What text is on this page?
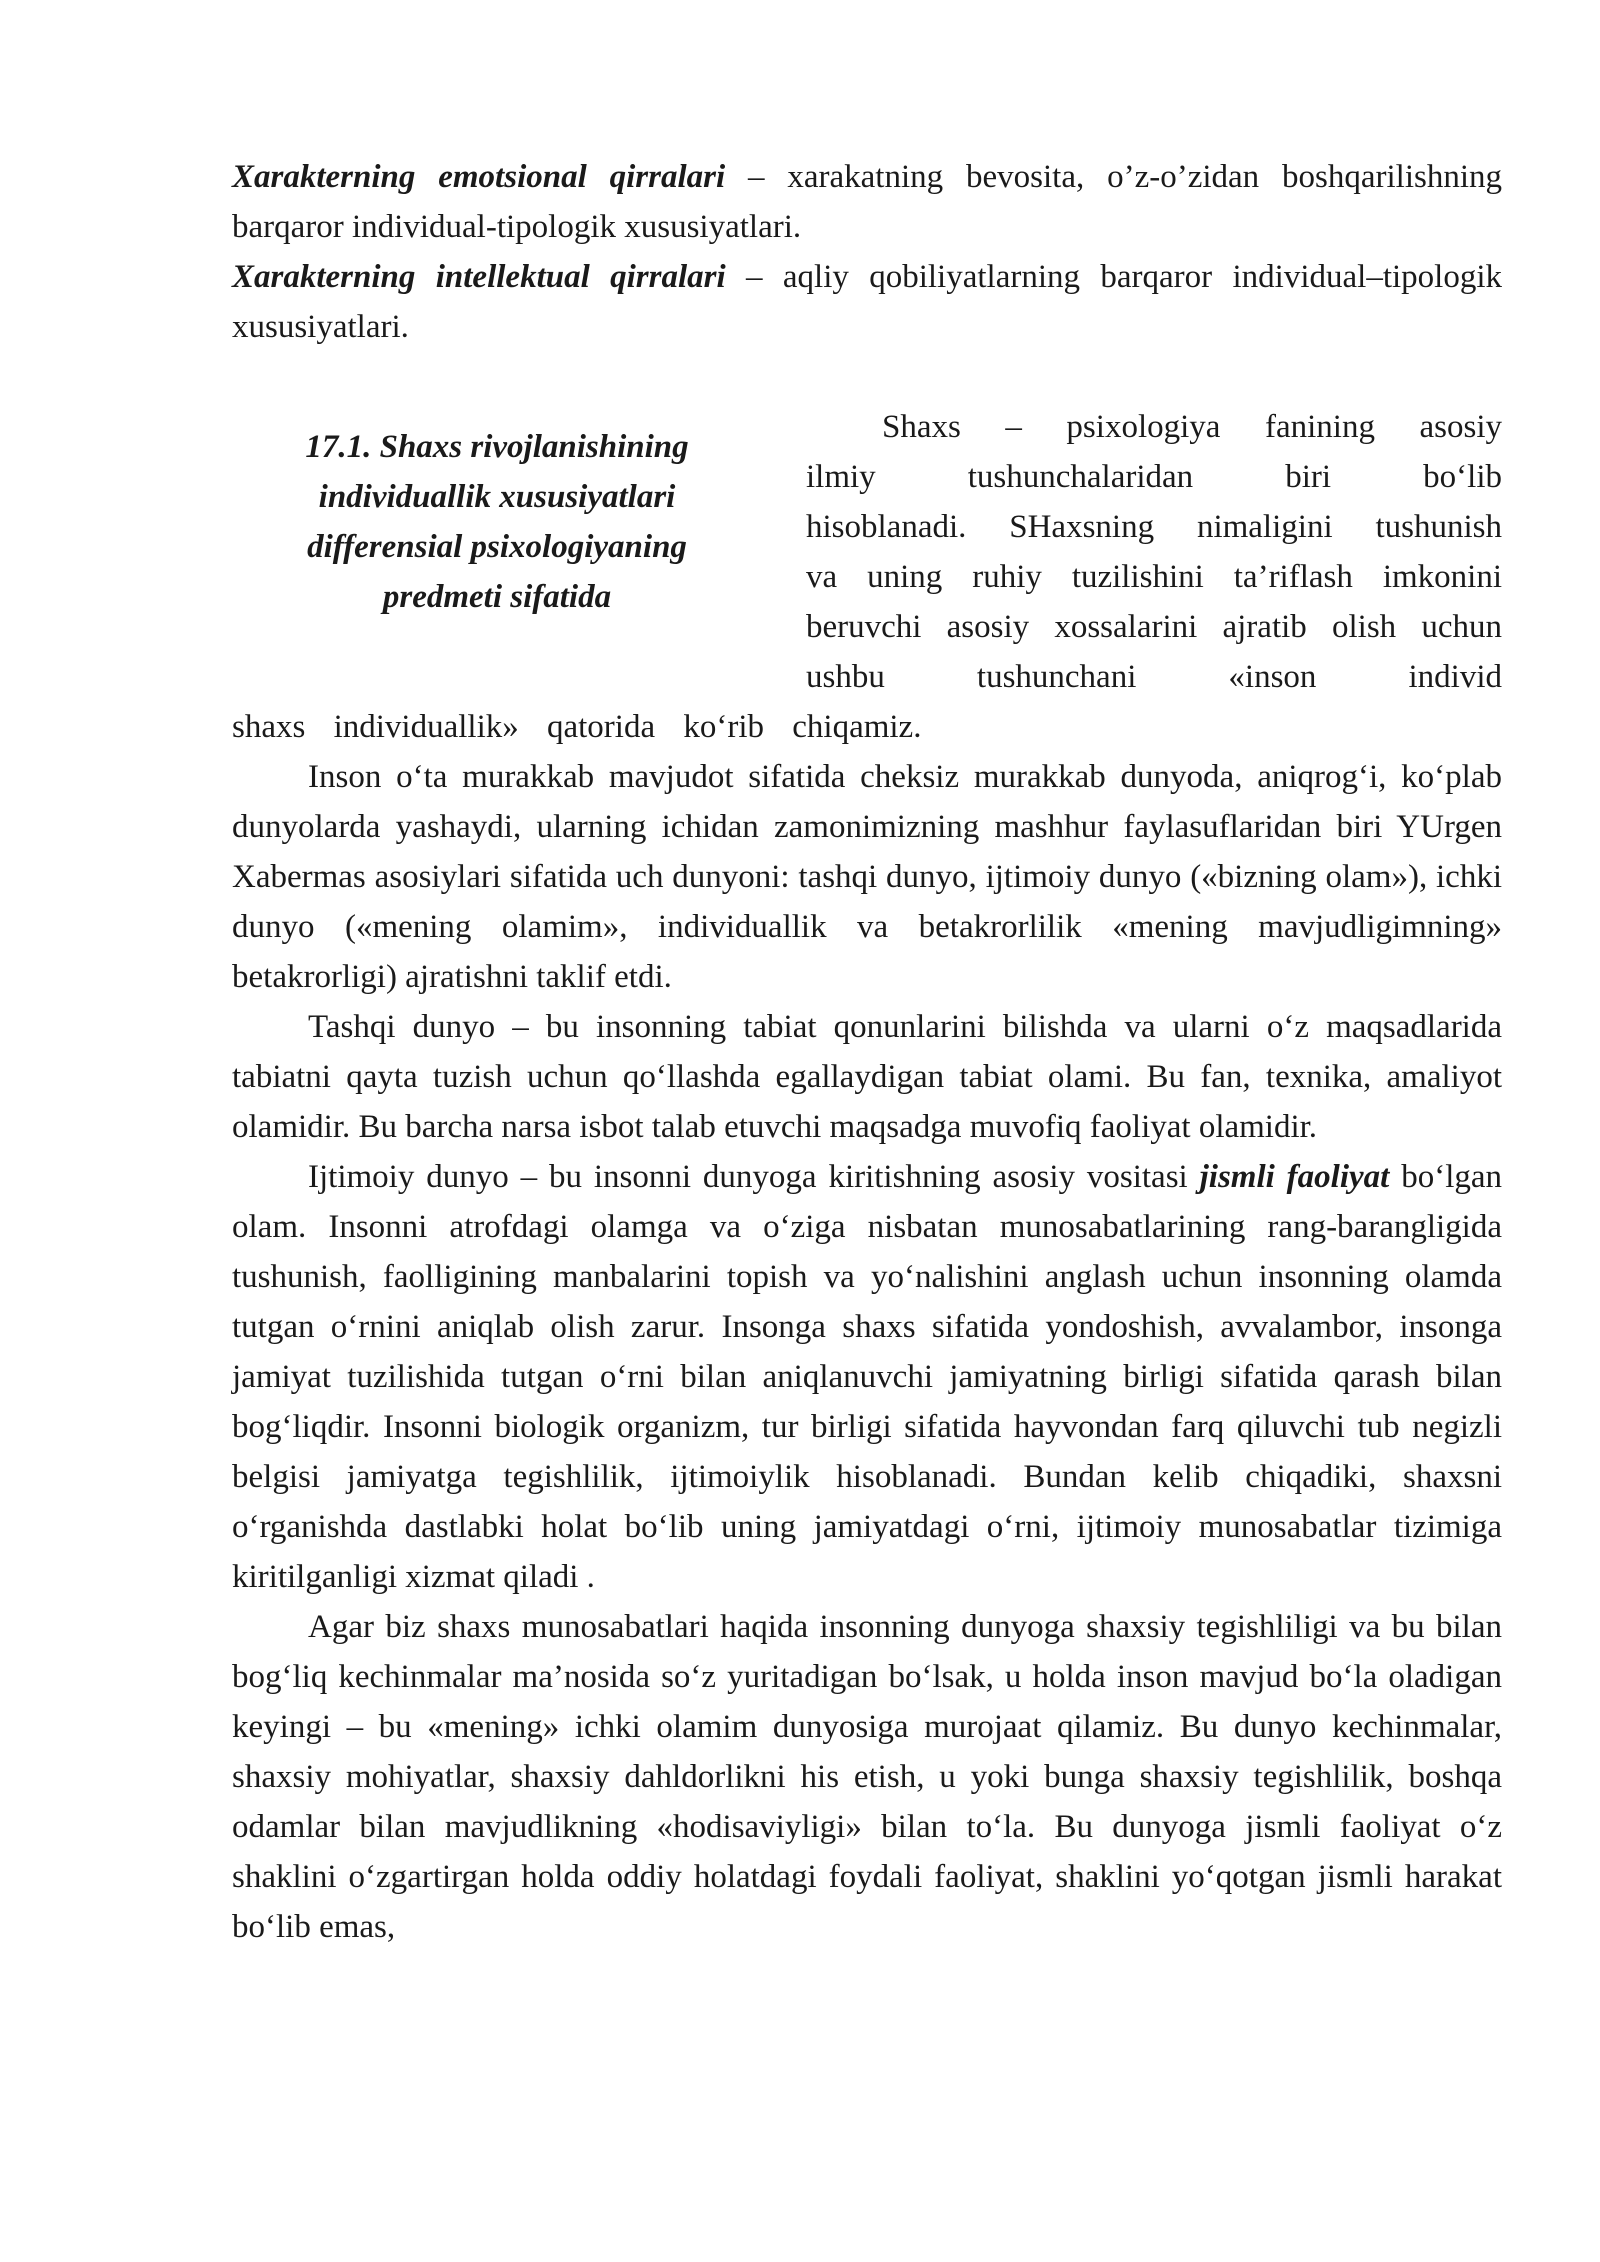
Xarakterning emotsional qirralari – xarakatning bevosita, o’z-o’zidan boshqarilishning barqaror individual-tipologik xususiyatlari.

Xarakterning intellektual qirralari – aqliy qobiliyatlarning barqaror individual–tipologik xususiyatlari.

17.1. Shaxs rivojlanishining
individuallik xususiyatlari
differensial psixologiyaning
predmeti sifatida

Shaxs – psixologiya fanining asosiy

ilmiy tushunchalaridan biri bo‘lib

hisoblanadi. SHaxsning nimaligini tushunish

va uning ruhiy tuzilishini ta’riflash imkonini

beruvchi asosiy xossalarini ajratib olish uchun

ushbu tushunchani «inson individ

shaxs individuallik» qatorida ko‘rib chiqamiz.

Inson o‘ta murakkab mavjudot sifatida cheksiz murakkab dunyoda, aniqrog‘i, ko‘plab dunyolarda yashaydi, ularning ichidan zamonimizning mashhur faylasuflaridan biri YUrgen Xabermas asosiylari sifatida uch dunyoni: tashqi dunyo, ijtimoiy dunyo («bizning olam»), ichki dunyo («mening olamim», individuallik va betakrorlilik «mening mavjudligimning» betakrorligi) ajratishni taklif etdi.

Tashqi dunyo – bu insonning tabiat qonunlarini bilishda va ularni o‘z maqsadlarida tabiatni qayta tuzish uchun qo‘llashda egallaydigan tabiat olami. Bu fan, texnika, amaliyot olamidir. Bu barcha narsa isbot talab etuvchi maqsadga muvofiq faoliyat olamidir.

Ijtimoiy dunyo – bu insonni dunyoga kiritishning asosiy vositasi jismli faoliyat bo‘lgan olam. Insonni atrofdagi olamga va o‘ziga nisbatan munosabatlarining rang-barangligida tushunish, faolligining manbalarini topish va yo‘nalishini anglash uchun insonning olamda tutgan o‘rnini aniqlab olish zarur. Insonga shaxs sifatida yondoshish, avvalambor, insonga jamiyat tuzilishida tutgan o‘rni bilan aniqlanuvchi jamiyatning birligi sifatida qarash bilan bog‘liqdir. Insonni biologik organizm, tur birligi sifatida hayvondan farq qiluvchi tub negizli belgisi jamiyatga tegishlilik, ijtimoiylik hisoblanadi. Bundan kelib chiqadiki, shaxsni o‘rganishda dastlabki holat bo‘lib uning jamiyatdagi o‘rni, ijtimoiy munosabatlar tizimiga kiritilganligi xizmat qiladi .

Agar biz shaxs munosabatlari haqida insonning dunyoga shaxsiy tegishliligi va bu bilan bog‘liq kechinmalar ma’nosida so‘z yuritadigan bo‘lsak, u holda inson mavjud bo‘la oladigan keyingi – bu «mening» ichki olamim dunyosiga murojaat qilamiz. Bu dunyo kechinmalar, shaxsiy mohiyatlar, shaxsiy dahldorlikni his etish, u yoki bunga shaxsiy tegishlilik, boshqa odamlar bilan mavjudlikning «hodisaviyligi» bilan to‘la. Bu dunyoga jismli faoliyat o‘z shaklini o‘zgartirgan holda oddiy holatdagi foydali faoliyat, shaklini yo‘qotgan jismli harakat bo‘lib emas,
